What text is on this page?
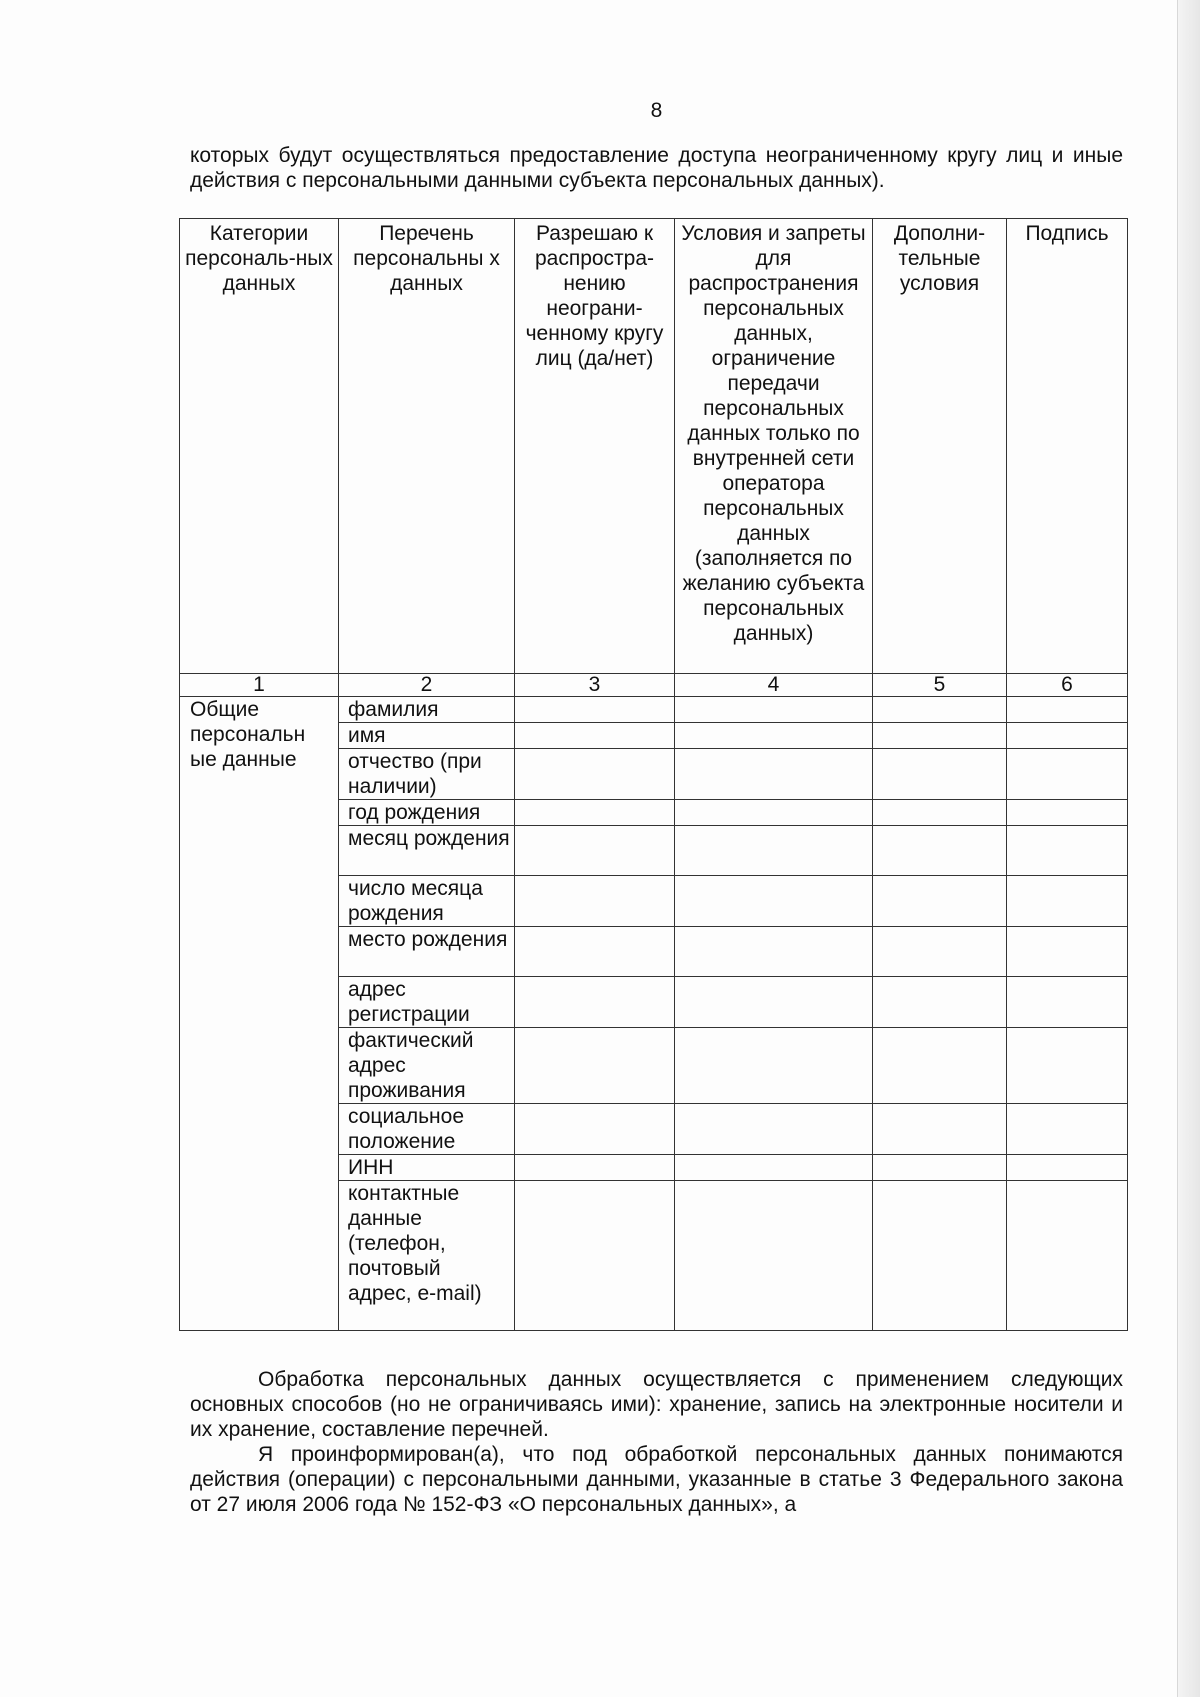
8

которых будут осуществляться предоставление доступа неограниченному кругу лиц и иные действия с персональными данными субъекта персональных данных).

Категории персональ-ных данных	Перечень персональны х данных	Разрешаю к распростра-нению неограни-ченному кругу лиц (да/нет)	Условия и запреты для распространения персональных данных, ограничение передачи персональных данных только по внутренней сети оператора персональных данных (заполняется по желанию субъекта персональных данных)	Дополни-тельные условия	Подпись
1	2	3	4	5	6
Общие персональн ые данные	фамилия				
	имя				
	отчество (при наличии)				
	год рождения				
	месяц рождения				
	число месяца рождения				
	место рождения				
	адрес регистрации				
	фактический адрес проживания				
	социальное положение				
	ИНН				
	контактные данные (телефон, почтовый адрес, e-mail)				

Обработка персональных данных осуществляется с применением следующих основных способов (но не ограничиваясь ими): хранение, запись на электронные носители и их хранение, составление перечней.

Я проинформирован(а), что под обработкой персональных данных понимаются действия (операции) с персональными данными, указанные в статье 3 Федерального закона от 27 июля 2006 года № 152-ФЗ «О персональных данных», а
